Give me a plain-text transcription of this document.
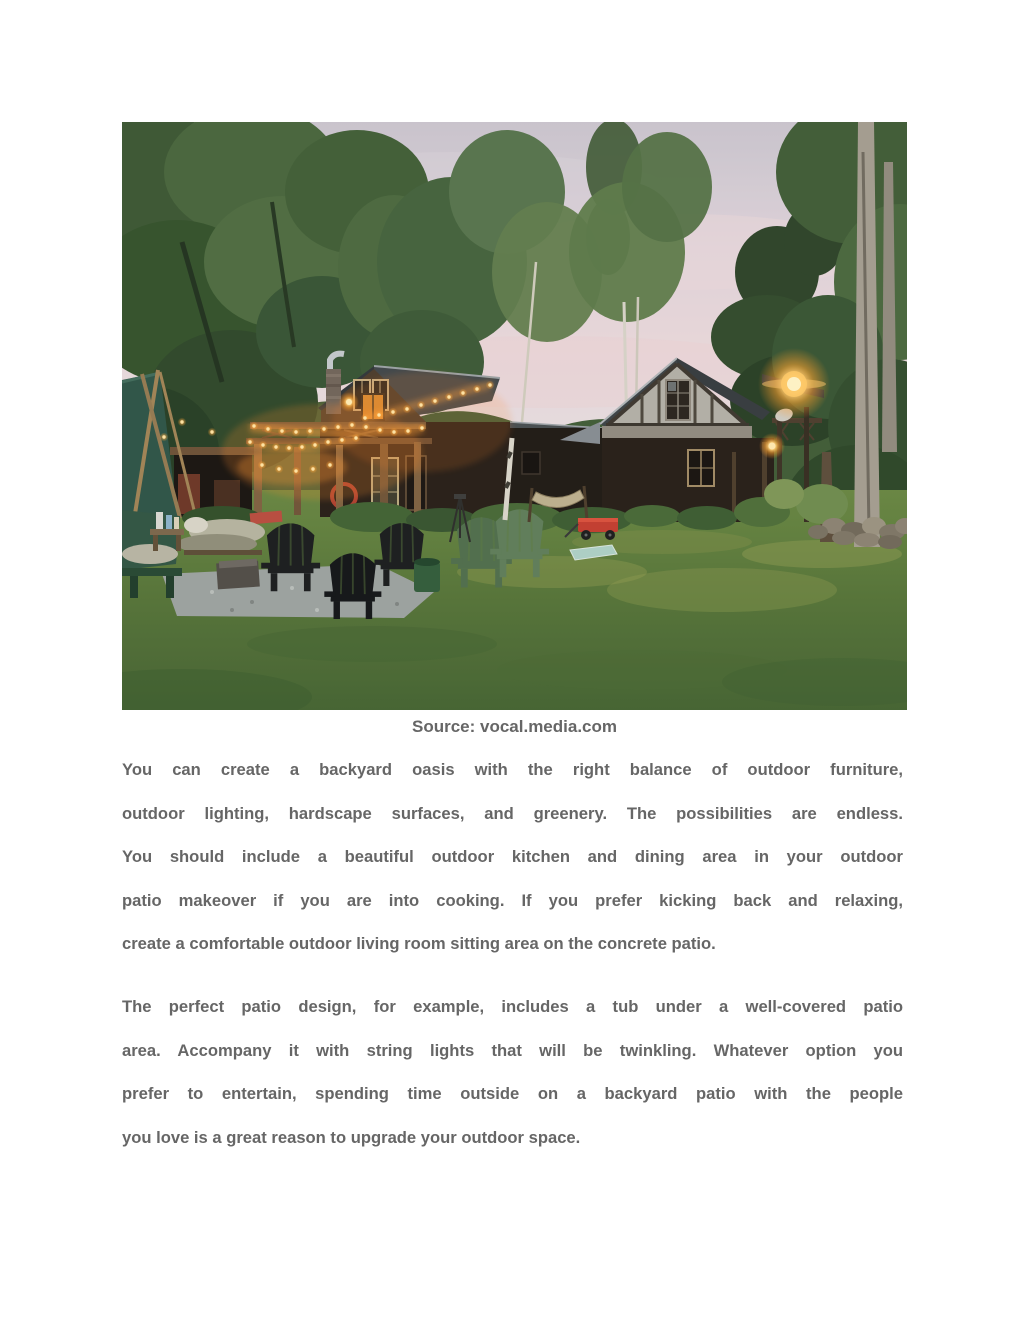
Source: vocal.media.com
You can create a backyard oasis with the right balance of outdoor furniture,
outdoor lighting, hardscape surfaces, and greenery. The possibilities are endless.
You should include a beautiful outdoor kitchen and dining area in your outdoor
patio makeover if you are into cooking. If you prefer kicking back and relaxing,
create a comfortable outdoor living room sitting area on the concrete patio.
The perfect patio design, for example, includes a tub under a well-covered patio
area. Accompany it with string lights that will be twinkling. Whatever option you
prefer to entertain, spending time outside on a backyard patio with the people
you love is a great reason to upgrade your outdoor space.
